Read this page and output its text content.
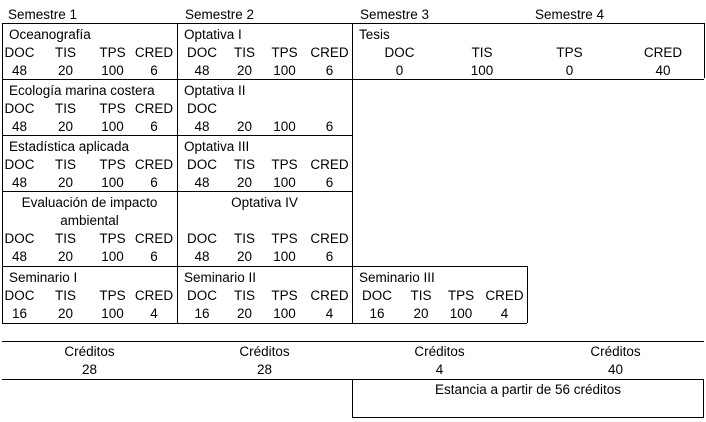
Semestre 1	Semestre 2	Semestre 3	Semestre 4
Oceanografía
DOC	TIS	TPS CRED
48	20	100	6
Ecología marina costera
DOC	TIS	TPS CRED
48	20	100	6
Estadística aplicada
DOC	TIS	TPS CRED
48	20	100	6
Evaluación de impacto
ambiental
DOC	TIS	TPS CRED
48	20	100	6
Seminario I
DOC	TIS	TPS CRED
16	20	100	4
Optativa I
DOC	TIS	TPS CRED
48	20	100	6
Optativa II
DOC
48	20	100	6
Optativa III
DOC	TIS	TPS CRED
48	20	100	6
Optativa IV
DOC	TIS	TPS CRED
48	20	100	6
Seminario II
DOC	TIS	TPS CRED
16	20	100	4
Tesis
DOC	TIS	TPS	CRED
0	100	0	40
Seminario III
DOC	TIS	TPS CRED
16	20	100	4
Créditos	Créditos	Créditos	Créditos
28	28	4	40
Estancia a partir de 56 créditos
